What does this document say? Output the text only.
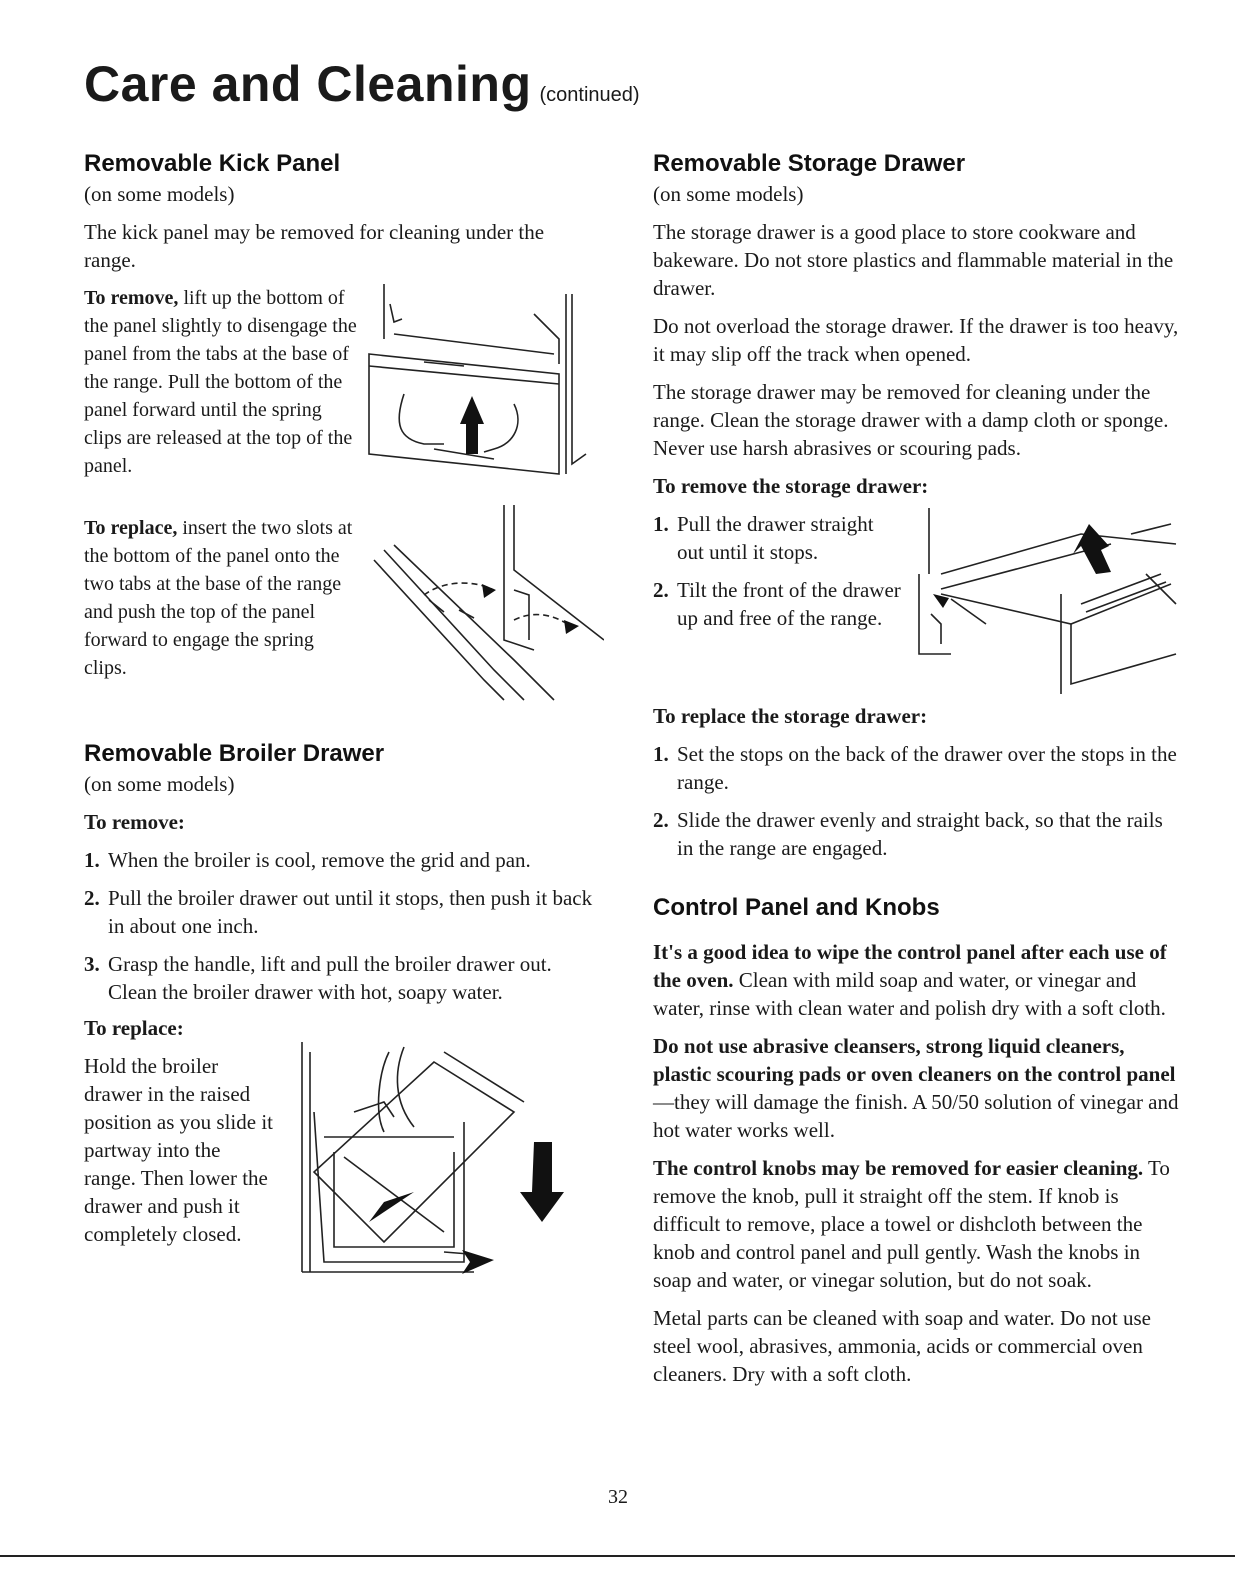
Care and Cleaning (continued)
Removable Kick Panel
(on some models)

The kick panel may be removed for cleaning under the range.

To remove, lift up the bottom of the panel slightly to disengage the panel from the tabs at the base of the range. Pull the bottom of the panel forward until the spring clips are released at the top of the panel.

To replace, insert the two slots at the bottom of the panel onto the two tabs at the base of the range and push the top of the panel forward to engage the spring clips.

Removable Broiler Drawer
(on some models)

To remove:

1. When the broiler is cool, remove the grid and pan.
2. Pull the broiler drawer out until it stops, then push it back in about one inch.
3. Grasp the handle, lift and pull the broiler drawer out. Clean the broiler drawer with hot, soapy water.

To replace:

Hold the broiler drawer in the raised position as you slide it partway into the range. Then lower the drawer and push it completely closed.

Removable Storage Drawer
(on some models)

The storage drawer is a good place to store cookware and bakeware. Do not store plastics and flammable material in the drawer.

Do not overload the storage drawer. If the drawer is too heavy, it may slip off the track when opened.

The storage drawer may be removed for cleaning under the range. Clean the storage drawer with a damp cloth or sponge. Never use harsh abrasives or scouring pads.

To remove the storage drawer:

1. Pull the drawer straight out until it stops.
2. Tilt the front of the drawer up and free of the range.

To replace the storage drawer:

1. Set the stops on the back of the drawer over the stops in the range.
2. Slide the drawer evenly and straight back, so that the rails in the range are engaged.
Control Panel and Knobs

It's a good idea to wipe the control panel after each use of the oven. Clean with mild soap and water, or vinegar and water, rinse with clean water and polish dry with a soft cloth.

Do not use abrasive cleansers, strong liquid cleaners, plastic scouring pads or oven cleaners on the control panel—they will damage the finish. A 50/50 solution of vinegar and hot water works well.

The control knobs may be removed for easier cleaning. To remove the knob, pull it straight off the stem. If knob is difficult to remove, place a towel or dishcloth between the knob and control panel and pull gently. Wash the knobs in soap and water, or vinegar solution, but do not soak.

Metal parts can be cleaned with soap and water. Do not use steel wool, abrasives, ammonia, acids or commercial oven cleaners. Dry with a soft cloth.

32
